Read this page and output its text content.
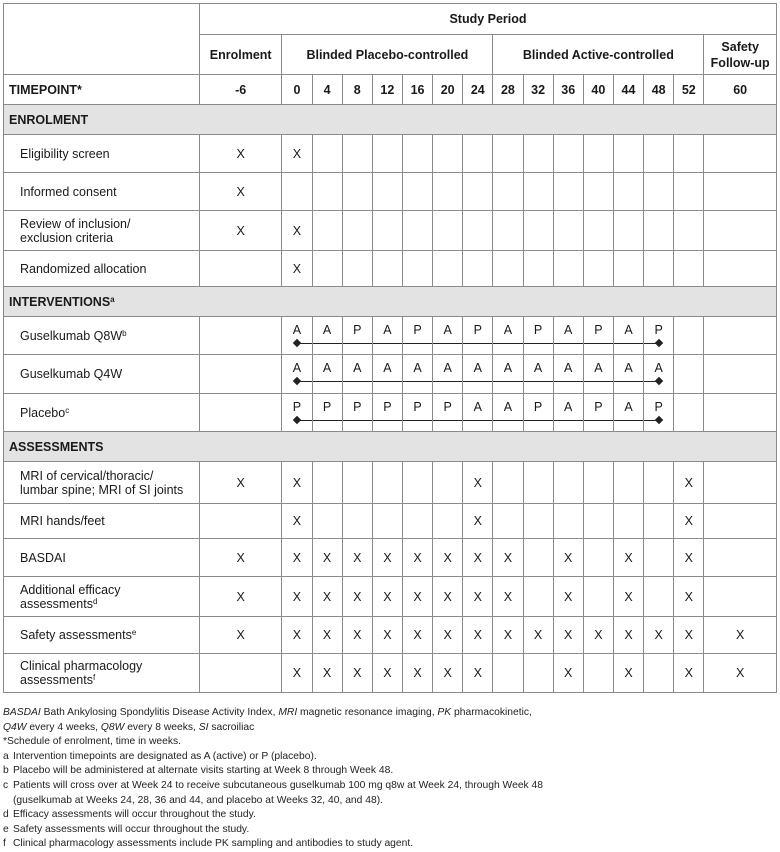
	Study Period															
	Enrolment	Blinded Placebo-controlled							Blinded Active-controlled							Safety
Follow-up
TIMEPOINT*	-6	0	4	8	12	16	20	24	28	32	36	40	44	48	52	60
ENROLMENT																
Eligibility screen	X	X														
Informed consent	X															
Review of inclusion/
exclusion criteria	X	X														
Randomized allocation		X														
INTERVENTIONS$^a$
Guselkumab $Q8W^b$		A	A	P	A	P	A	P	A	P	A	P	A	P		

Guselkumab Q4W		A	A	A	A	A	A	A	A	A	A	A	A	A		

Placebo$^c$		P	P	P	P	P	P	A	A	P	A	P	A	P		

ASSESSMENTS																
MRI of cervical/thoracic/
lumbar spine; MRI of SI joints	X	X						X							X	
MRI hands/feet		X						X							X	
BASDAI	X	X	X	X	X	X	X	X	X		X		X		X	
Additional efficacy
assessments$^d$	X	X	X	X	X	X	X	X	X		X		X		X	
Safety assessments$^e$	X	X	X	X	X	X	X	X	X	X	X	X	X	X	X	X
Clinical pharmacology
assessments$^f$		X	X	X	X	X	X	X			X		X		X	X

BASDAI Bath Ankylosing Spondylitis Disease Activity Index, MRI magnetic resonance imaging, PK pharmacokinetic,
Q4W every 4 weeks, Q8W every 8 weeks, SI sacroiliac

*Schedule of enrolment, time in weeks.

a Intervention timepoints are designated as A (active) or P (placebo).

b Placebo will be administered at alternate visits starting at Week 8 through Week 48.

c Patients will cross over at Week 24 to receive subcutaneous guselkumab 100 mg q8w at Week 24, through Week 48

(guselkumab at Weeks 24, 28, 36 and 44, and placebo at Weeks 32, 40, and 48).

d Efficacy assessments will occur throughout the study.

e Safety assessments will occur throughout the study.

f Clinical pharmacology assessments include PK sampling and antibodies to study agent.
